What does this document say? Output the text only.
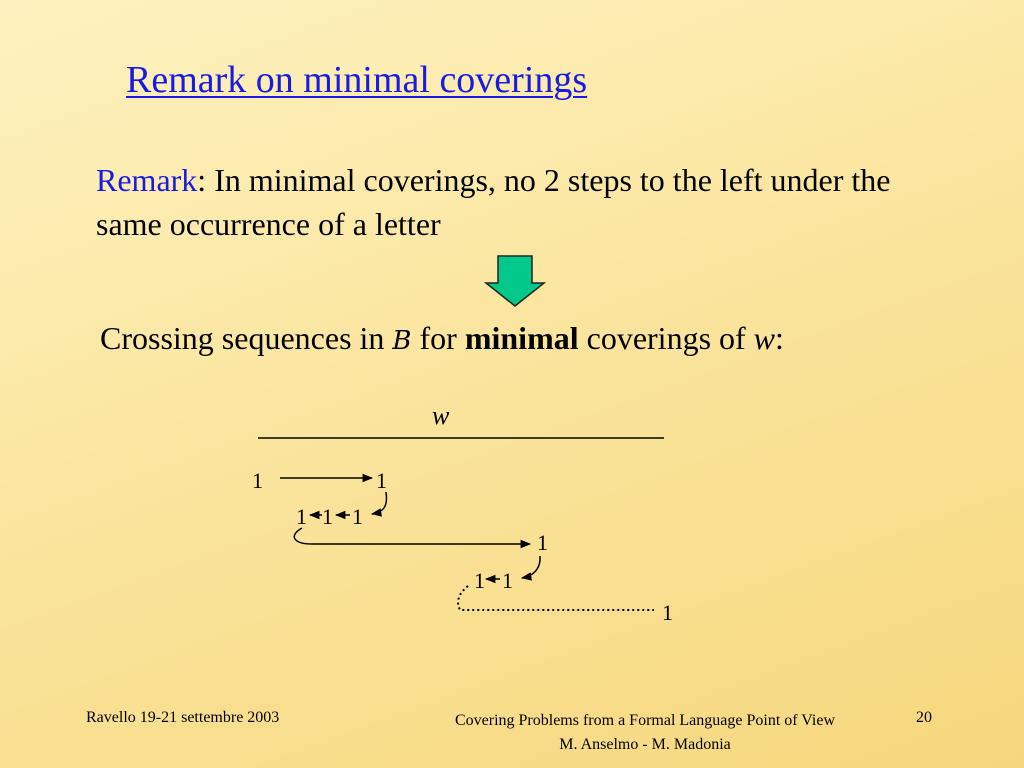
Remark on minimal coverings
Remark: In minimal coverings, no 2 steps to the left under the same occurrence of a letter
Crossing sequences in B for minimal coverings of w:
w
1	1
1 1 1
1
1 1
1
Ravello 19-21 settembre 2003	Covering Problems from a Formal Language Point of View
M. Anselmo - M. Madonia
20
